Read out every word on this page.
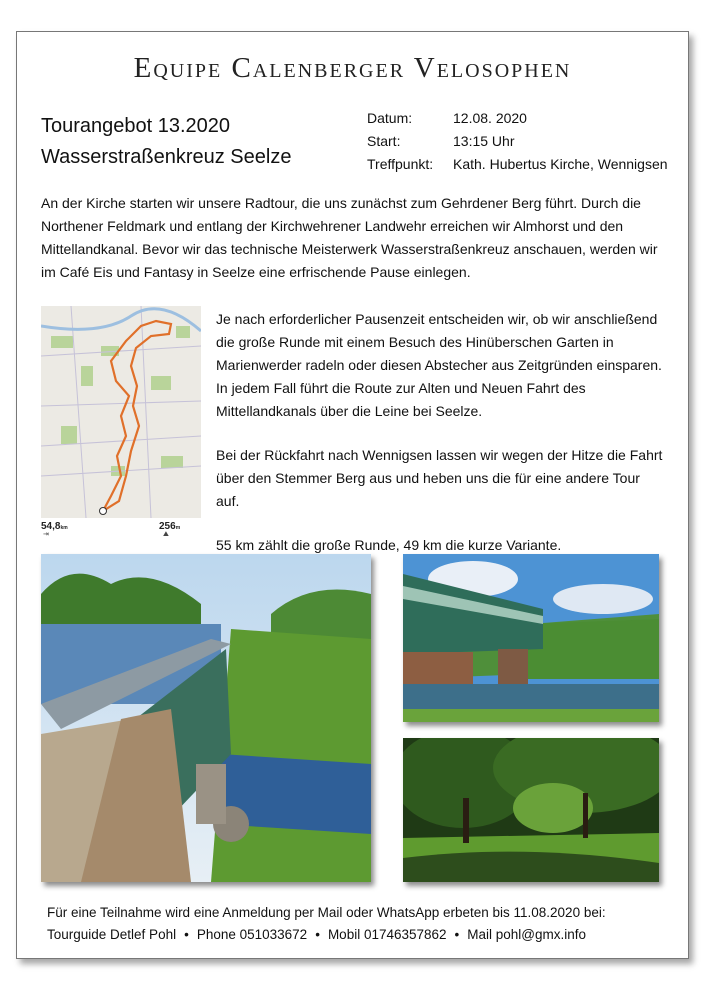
Equipe Calenberger Velosophen
Tourangebot 13.2020
Wasserstraßenkreuz Seelze
Datum:	12.08. 2020
Start:	13:15 Uhr
Treffpunkt:	Kath. Hubertus Kirche, Wennigsen
An der Kirche starten wir unsere Radtour, die uns zunächst zum Gehrdener Berg führt. Durch die Northener Feldmark und entlang der Kirchwehrener Landwehr erreichen wir Almhorst und den Mittellandkanal. Bevor wir das technische Meisterwerk Wasserstraßenkreuz anschauen, werden wir im Café Eis und Fantasy in Seelze eine erfrischende Pause einlegen.
54,8km	256m
⇥	⛰

Je nach erforderlicher Pausenzeit entscheiden wir, ob wir anschließend die große Runde mit einem Besuch des Hinüberschen Garten in Marienwerder radeln oder diesen Abstecher aus Zeitgründen einsparen. In jedem Fall führt die Route zur Alten und Neuen Fahrt des Mittellandkanals über die Leine bei Seelze.

Bei der Rückfahrt nach Wennigsen lassen wir wegen der Hitze die Fahrt über den Stemmer Berg aus und heben uns die für eine andere Tour auf.

55 km zählt die große Runde, 49 km die kurze Variante.

Für eine Teilnahme wird eine Anmeldung per Mail oder WhatsApp erbeten bis 11.08.2020 bei:
Tourguide Detlef Pohl • Phone 051033672 • Mobil 01746357862 • Mail pohl@gmx.info
